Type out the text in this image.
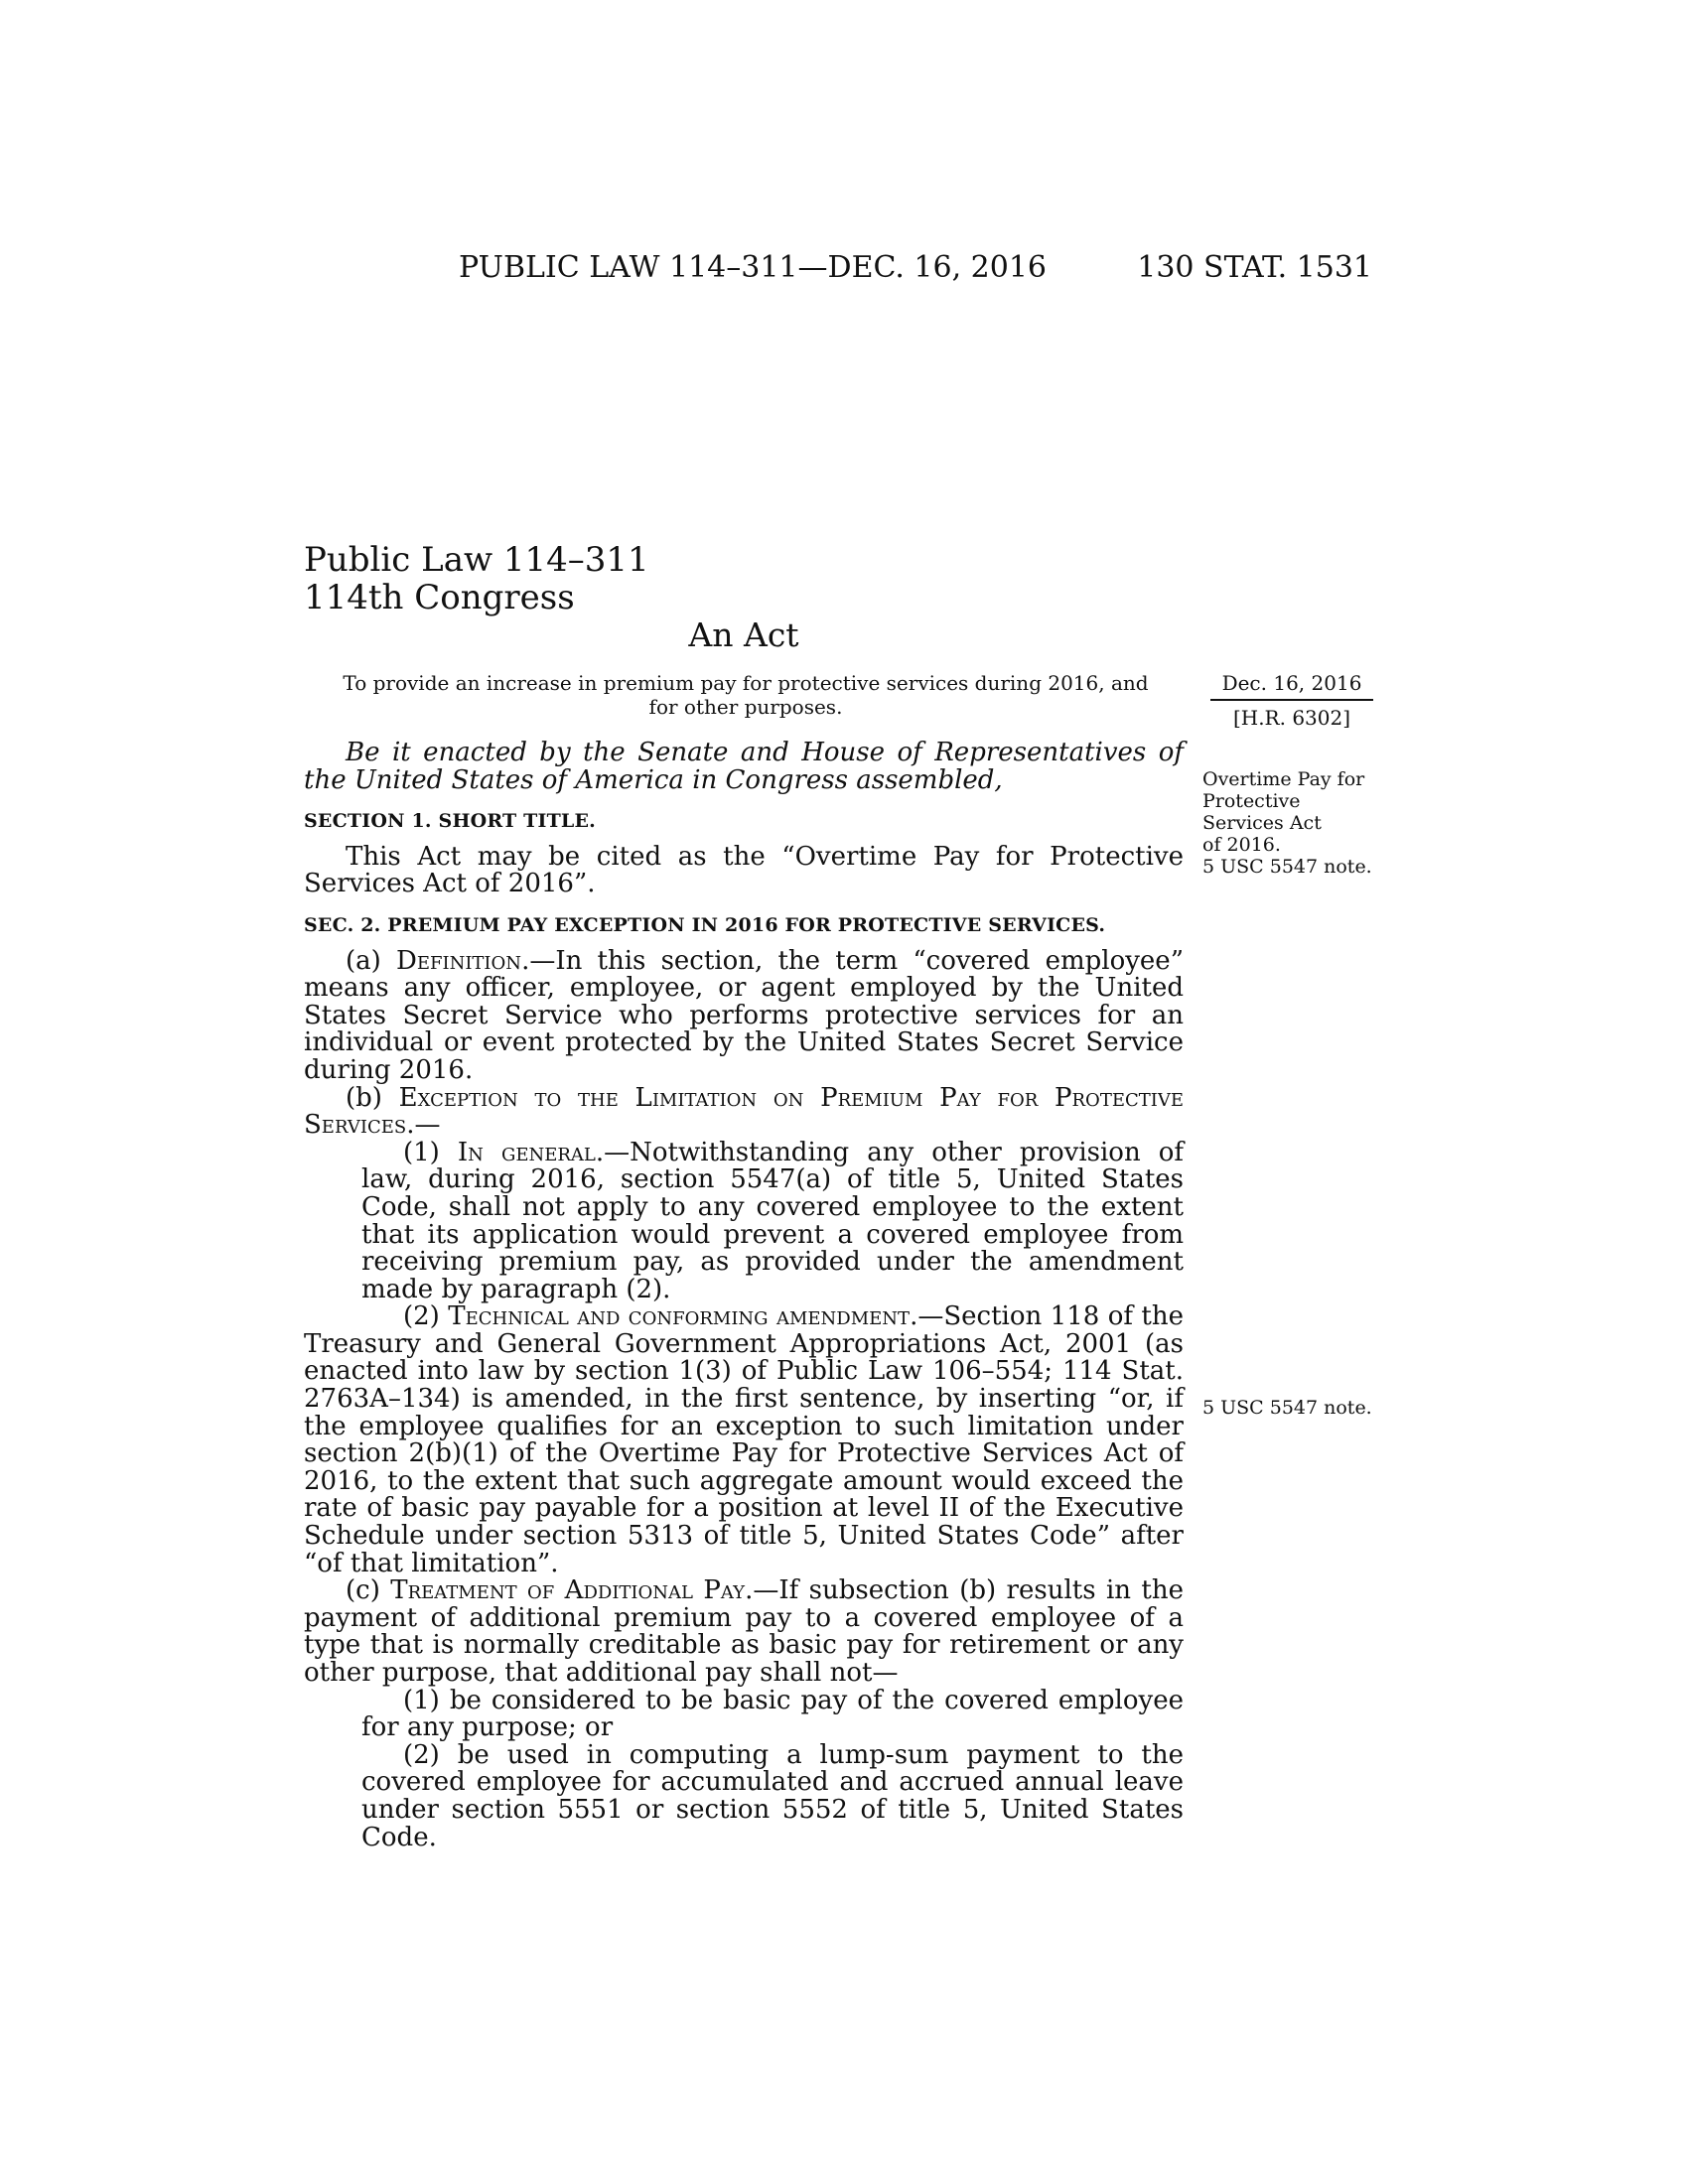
PUBLIC LAW 114–311—DEC. 16, 2016	130 STAT. 1531
Public Law 114–311
114th Congress
An Act
To provide an increase in premium pay for protective services during 2016, and for other purposes.
Dec. 16, 2016
[H.R. 6302]
Overtime Pay for
Protective
Services Act
of 2016.
5 USC 5547 note.
5 USC 5547 note.

Be it enacted by the Senate and House of Representatives of the United States of America in Congress assembled,

SECTION 1. SHORT TITLE.

This Act may be cited as the “Overtime Pay for Protective Services Act of 2016”.

SEC. 2. PREMIUM PAY EXCEPTION IN 2016 FOR PROTECTIVE SERVICES.

(a) Definition.—In this section, the term “covered employee” means any officer, employee, or agent employed by the United States Secret Service who performs protective services for an individual or event protected by the United States Secret Service during 2016.

(b) Exception to the Limitation on Premium Pay for Protective Services.—

(1) In general.—Notwithstanding any other provision of law, during 2016, section 5547(a) of title 5, United States Code, shall not apply to any covered employee to the extent that its application would prevent a covered employee from receiving premium pay, as provided under the amendment made by paragraph (2).

(2) Technical and conforming amendment.—Section 118 of the Treasury and General Government Appropriations Act, 2001 (as enacted into law by section 1(3) of Public Law 106–554; 114 Stat. 2763A–134) is amended, in the first sentence, by inserting “or, if the employee qualifies for an exception to such limitation under section 2(b)(1) of the Overtime Pay for Protective Services Act of 2016, to the extent that such aggregate amount would exceed the rate of basic pay payable for a position at level II of the Executive Schedule under section 5313 of title 5, United States Code” after “of that limitation”.

(c) Treatment of Additional Pay.—If subsection (b) results in the payment of additional premium pay to a covered employee of a type that is normally creditable as basic pay for retirement or any other purpose, that additional pay shall not—

(1) be considered to be basic pay of the covered employee for any purpose; or

(2) be used in computing a lump-sum payment to the covered employee for accumulated and accrued annual leave under section 5551 or section 5552 of title 5, United States Code.
